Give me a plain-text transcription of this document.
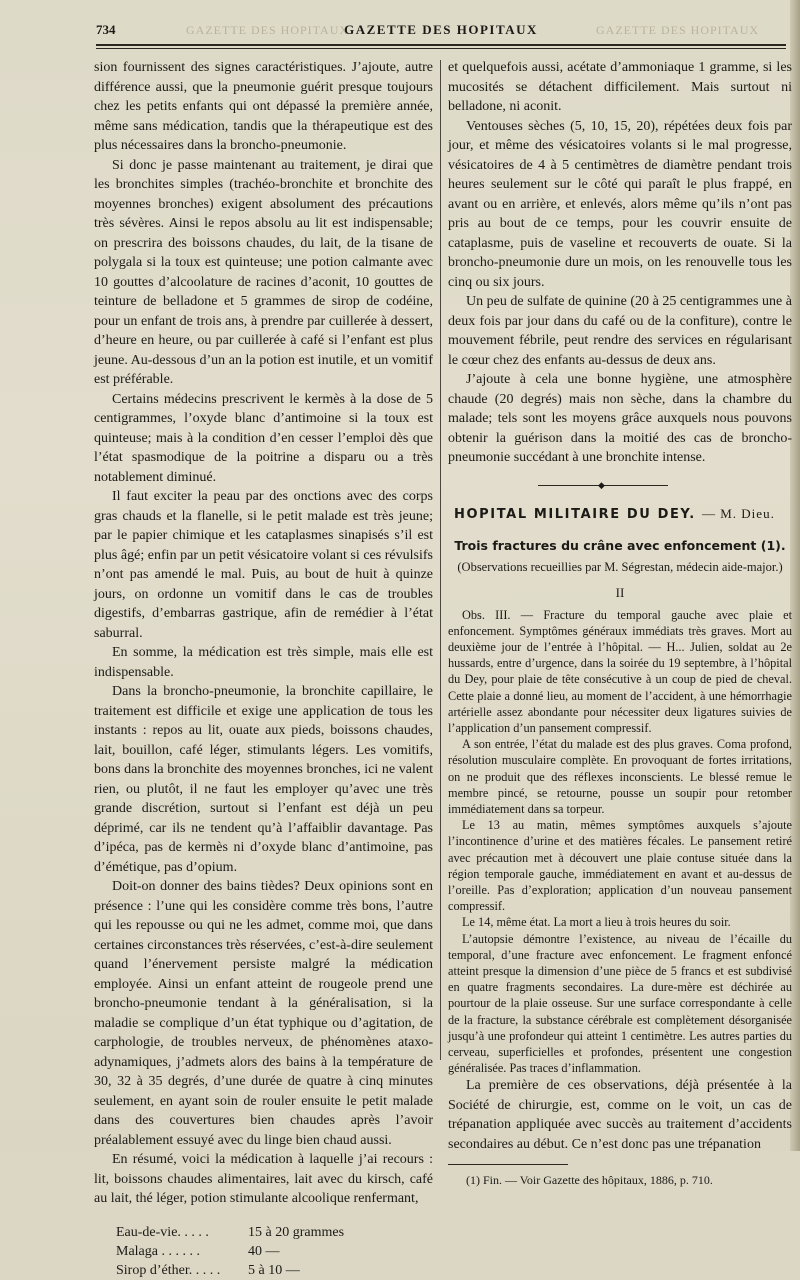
734	GAZETTE DES HOPITAUX
GAZETTE DES HOPITAUX	GAZETTE DES HOPITAUX

sion fournissent des signes caractéristiques. J’ajoute, autre différence aussi, que la pneumonie guérit presque toujours chez les petits enfants qui ont dépassé la première année, même sans médication, tandis que la thérapeutique est des plus nécessaires dans la broncho-pneumonie.

Si donc je passe maintenant au traitement, je dirai que les bronchites simples (trachéo-bronchite et bronchite des moyennes bronches) exigent absolument des précautions très sévères. Ainsi le repos absolu au lit est indispensable; on prescrira des boissons chaudes, du lait, de la tisane de polygala si la toux est quinteuse; une potion calmante avec 10 gouttes d’alcoolature de racines d’aconit, 10 gouttes de teinture de belladone et 5 grammes de sirop de codéine, pour un enfant de trois ans, à prendre par cuillerée à dessert, d’heure en heure, ou par cuillerée à café si l’enfant est plus jeune. Au-dessous d’un an la potion est inutile, et un vomitif est préférable.

Certains médecins prescrivent le kermès à la dose de 5 centigrammes, l’oxyde blanc d’antimoine si la toux est quinteuse; mais à la condition d’en cesser l’emploi dès que l’état spasmodique de la poitrine a disparu ou a très notablement diminué.

Il faut exciter la peau par des onctions avec des corps gras chauds et la flanelle, si le petit malade est très jeune; par le papier chimique et les cataplasmes sinapisés s’il est plus âgé; enfin par un petit vésicatoire volant si ces révulsifs n’ont pas amendé le mal. Puis, au bout de huit à quinze jours, on ordonne un vomitif dans le cas de troubles digestifs, d’embarras gastrique, afin de remédier à l’état saburral.

En somme, la médication est très simple, mais elle est indispensable.

Dans la broncho-pneumonie, la bronchite capillaire, le traitement est difficile et exige une application de tous les instants : repos au lit, ouate aux pieds, boissons chaudes, lait, bouillon, café léger, stimulants légers. Les vomitifs, bons dans la bronchite des moyennes bronches, ici ne valent rien, ou plutôt, il ne faut les employer qu’avec une très grande discrétion, surtout si l’enfant est déjà un peu déprimé, car ils ne tendent qu’à l’affaiblir davantage. Pas d’ipéca, pas de kermès ni d’oxyde blanc d’antimoine, pas d’émétique, pas d’opium.

Doit-on donner des bains tièdes? Deux opinions sont en présence : l’une qui les considère comme très bons, l’autre qui les repousse ou qui ne les admet, comme moi, que dans certaines circonstances très réservées, c’est-à-dire seulement quand l’énervement persiste malgré la médication employée. Ainsi un enfant atteint de rougeole prend une broncho-pneumonie tendant à la généralisation, si la maladie se complique d’un état typhique ou d’agitation, de carphologie, de troubles nerveux, de phénomènes ataxo-adynamiques, j’admets alors des bains à la température de 30, 32 à 35 degrés, d’une durée de quatre à cinq minutes seulement, en ayant soin de rouler ensuite le petit malade dans des couvertures bien chaudes après l’avoir préalablement essuyé avec du linge bien chaud aussi.

En résumé, voici la médication à laquelle j’ai recours : lit, boissons chaudes alimentaires, lait avec du kirsch, café au lait, thé léger, potion stimulante alcoolique renfermant,

Eau-de-vie. . . . .	15 à 20 grammes
Malaga . . . . . .	40 —
Sirop d’éther. . . . .	5 à 10 —

et quelquefois aussi, acétate d’ammoniaque 1 gramme, si les mucosités se détachent difficilement. Mais surtout ni belladone, ni aconit.

Ventouses sèches (5, 10, 15, 20), répétées deux fois par jour, et même des vésicatoires volants si le mal progresse, vésicatoires de 4 à 5 centimètres de diamètre pendant trois heures seulement sur le côté qui paraît le plus frappé, en avant ou en arrière, et enlevés, alors même qu’ils n’ont pas pris au bout de ce temps, pour les couvrir ensuite de cataplasme, puis de vaseline et recouverts de ouate. Si la broncho-pneumonie dure un mois, on les renouvelle tous les cinq ou six jours.

Un peu de sulfate de quinine (20 à 25 centigrammes une à deux fois par jour dans du café ou de la confiture), contre le mouvement fébrile, peut rendre des services en régularisant le cœur chez des enfants au-dessus de deux ans.

J’ajoute à cela une bonne hygiène, une atmosphère chaude (20 degrés) mais non sèche, dans la chambre du malade; tels sont les moyens grâce auxquels nous pouvons obtenir la guérison dans la moitié des cas de broncho-pneumonie succédant à une bronchite intense.

◆
HOPITAL MILITAIRE DU DEY. — M. Dieu.
Trois fractures du crâne avec enfoncement (1).
(Observations recueillies par M. Ségrestan, médecin aide-major.)
II

Obs. III. — Fracture du temporal gauche avec plaie et enfoncement. Symptômes généraux immédiats très graves. Mort au deuxième jour de l’entrée à l’hôpital. — H... Julien, soldat au 2e hussards, entre d’urgence, dans la soirée du 19 septembre, à l’hôpital du Dey, pour plaie de tête consécutive à un coup de pied de cheval. Cette plaie a donné lieu, au moment de l’accident, à une hémorrhagie artérielle assez abondante pour nécessiter deux ligatures suivies de l’application d’un pansement compressif.

A son entrée, l’état du malade est des plus graves. Coma profond, résolution musculaire complète. En provoquant de fortes irritations, on ne produit que des réflexes inconscients. Le blessé remue le membre pincé, se retourne, pousse un soupir pour retomber immédiatement dans sa torpeur.

Le 13 au matin, mêmes symptômes auxquels s’ajoute l’incontinence d’urine et des matières fécales. Le pansement retiré avec précaution met à découvert une plaie contuse située dans la région temporale gauche, immédiatement en avant et au-dessus de l’oreille. Pas d’exploration; application d’un nouveau pansement compressif.

Le 14, même état. La mort a lieu à trois heures du soir.

L’autopsie démontre l’existence, au niveau de l’écaille du temporal, d’une fracture avec enfoncement. Le fragment enfoncé atteint presque la dimension d’une pièce de 5 francs et est subdivisé en quatre fragments secondaires. La dure-mère est déchirée au pourtour de la plaie osseuse. Sur une surface correspondante à celle de la fracture, la substance cérébrale est complètement désorganisée jusqu’à une profondeur qui atteint 1 centimètre. Les autres parties du cerveau, superficielles et profondes, présentent une congestion généralisée. Pas traces d’inflammation.

La première de ces observations, déjà présentée à la Société de chirurgie, est, comme on le voit, un cas de trépanation appliquée avec succès au traitement d’accidents secondaires au début. Ce n’est donc pas une trépanation

(1) Fin. — Voir Gazette des hôpitaux, 1886, p. 710.
